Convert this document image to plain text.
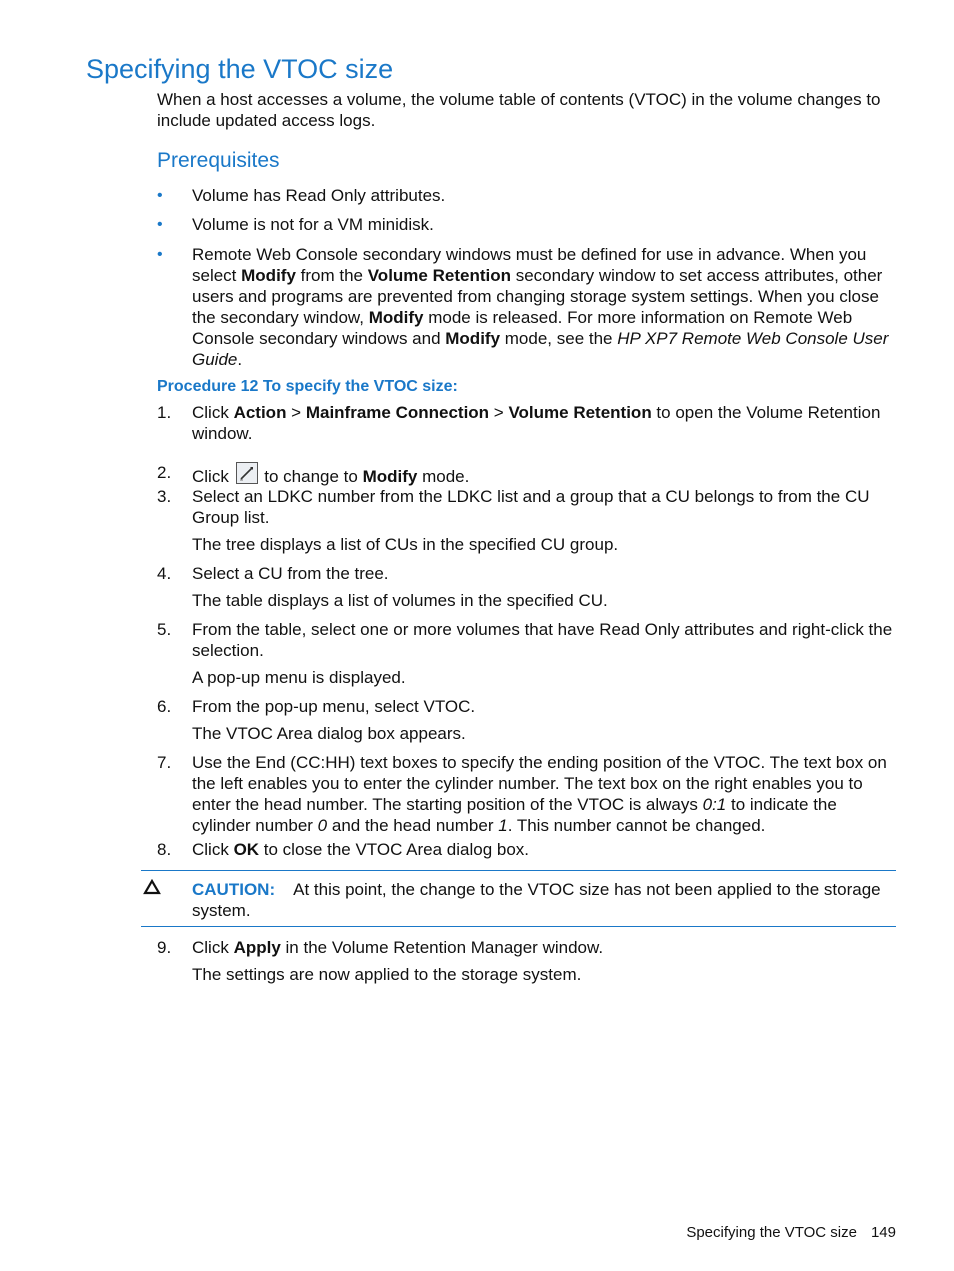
Specifying the VTOC size
When a host accesses a volume, the volume table of contents (VTOC) in the volume changes to include updated access logs.
Prerequisites
• Volume has Read Only attributes.
• Volume is not for a VM minidisk.
• Remote Web Console secondary windows must be defined for use in advance. When you select Modify from the Volume Retention secondary window to set access attributes, other users and programs are prevented from changing storage system settings. When you close the secondary window, Modify mode is released. For more information on Remote Web Console secondary windows and Modify mode, see the HP XP7 Remote Web Console User Guide.
Procedure 12 To specify the VTOC size:
1. Click Action > Mainframe Connection > Volume Retention to open the Volume Retention window.
2. Click
to change to Modify mode.
3. Select an LDKC number from the LDKC list and a group that a CU belongs to from the CU Group list.
The tree displays a list of CUs in the specified CU group.
4. Select a CU from the tree.
The table displays a list of volumes in the specified CU.
5. From the table, select one or more volumes that have Read Only attributes and right-click the selection.
A pop-up menu is displayed.
6. From the pop-up menu, select VTOC.
The VTOC Area dialog box appears.
7. Use the End (CC:HH) text boxes to specify the ending position of the VTOC. The text box on the left enables you to enter the cylinder number. The text box on the right enables you to enter the head number. The starting position of the VTOC is always 0:1 to indicate the cylinder number 0 and the head number 1. This number cannot be changed.
8. Click OK to close the VTOC Area dialog box.
CAUTION: At this point, the change to the VTOC size has not been applied to the storage system.
9. Click Apply in the Volume Retention Manager window.
The settings are now applied to the storage system.
Specifying the VTOC size 149
